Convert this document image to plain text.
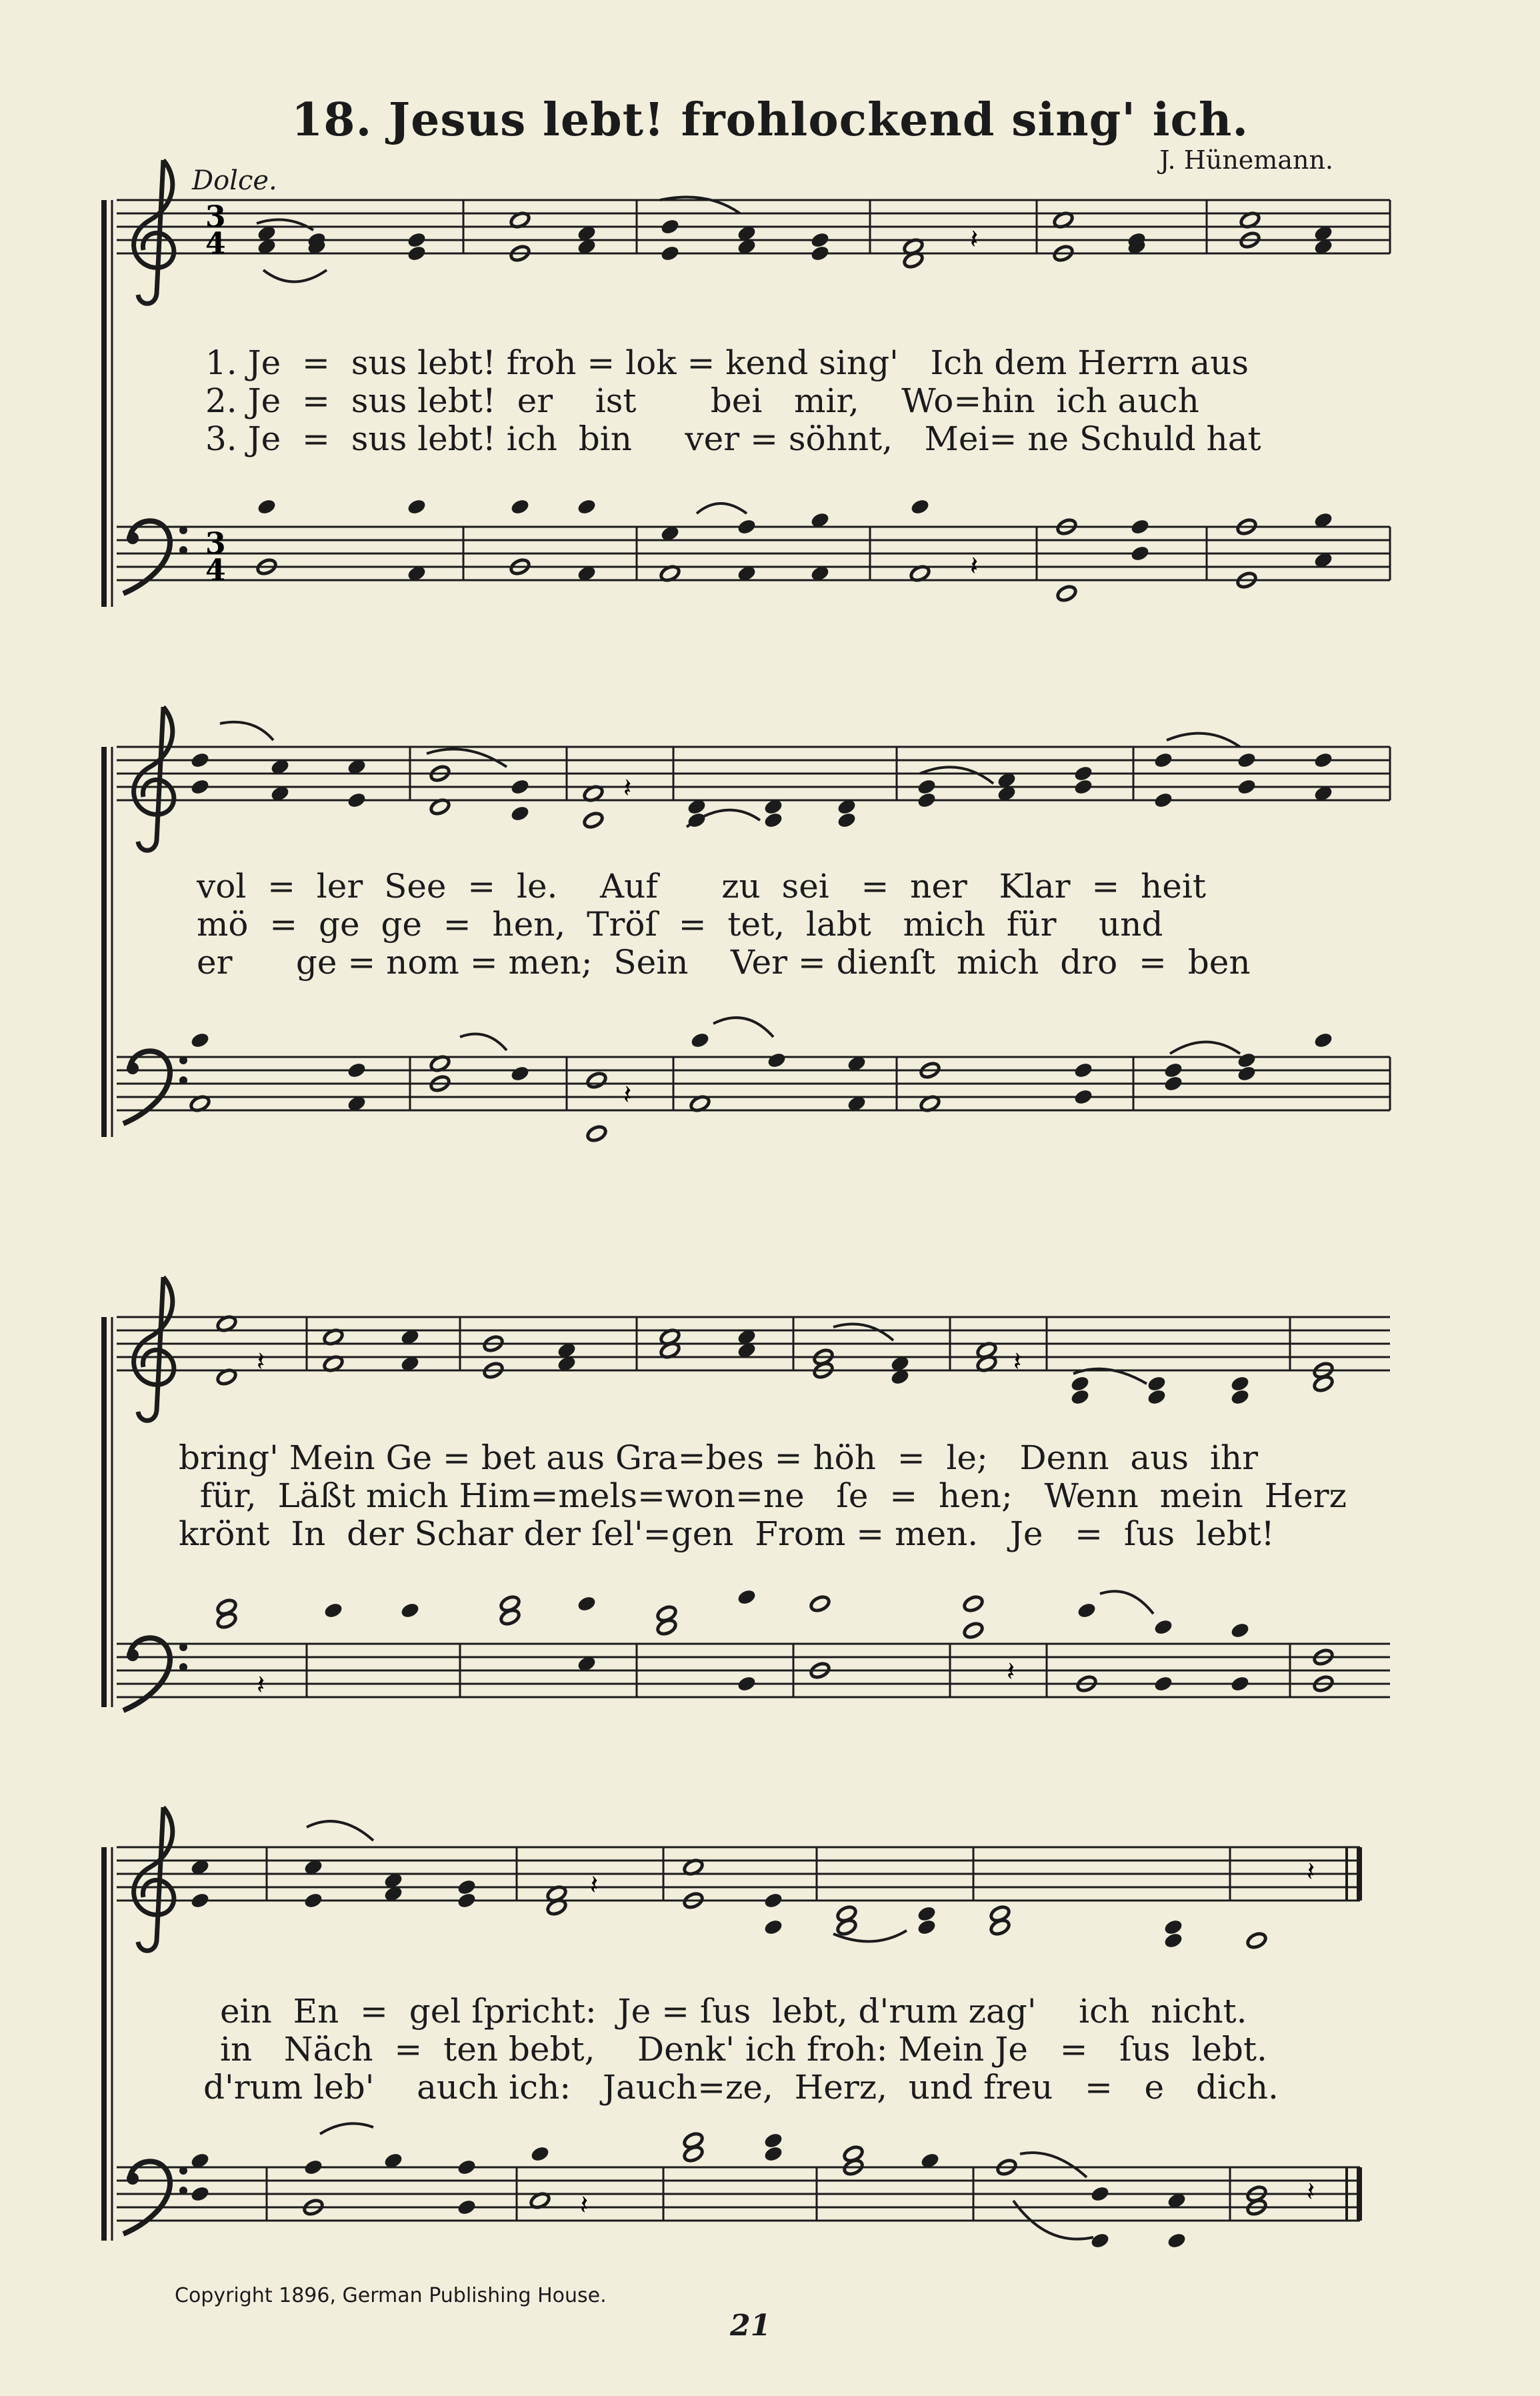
18. Jesus lebt! frohlockend sing' ich.
J. Hünemann.
Dolce.
3
4
3
4
𝄽
𝄽
𝄽
𝄽
𝄽	𝄽
𝄽	𝄽
𝄽	𝄽
𝄽	𝄽
1. Je  =  sus lebt! froh = lok = kend sing'   Ich dem Herrn aus
2. Je  =  sus lebt!  er    ist       bei   mir,    Wo=hin  ich auch
3. Je  =  sus lebt! ich  bin     ver = söhnt,   Mei= ne Schuld hat
vol  =  ler  See  =  le.    Auf      zu  sei   =  ner   Klar  =  heit
mö  =  ge  ge  =  hen,  Tröſ  =  tet,  labt   mich  für    und
er      ge = nom = men;  Sein    Ver = dienſt  mich  dro  =  ben
bring' Mein Ge = bet aus Gra=bes = höh  =  le;   Denn  aus  ihr
für,  Läßt mich Him=mels=won=ne   ſe  =  hen;   Wenn  mein  Herz
krönt  In  der Schar der ſel'=gen  From = men.   Je   =  ſus  lebt!
ein  En  =  gel ſpricht:  Je = ſus  lebt, d'rum zag'    ich  nicht.
in   Näch  =  ten bebt,    Denk' ich froh: Mein Je   =   ſus  lebt.
d'rum leb'    auch ich:   Jauch=ze,  Herz,  und freu   =   e   dich.
Copyright 1896, German Publishing House.
21
